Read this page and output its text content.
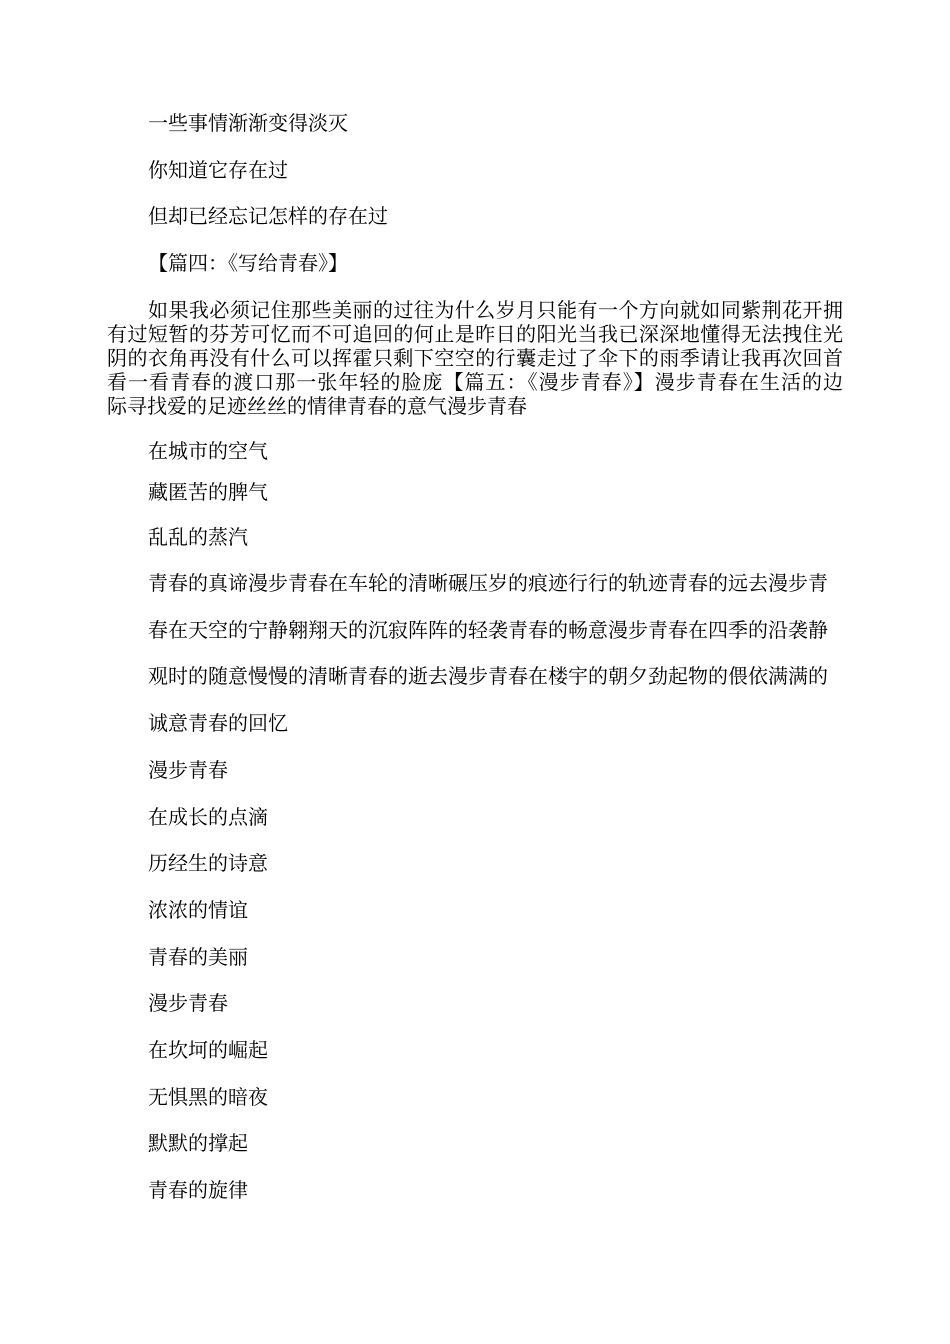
一些事情渐渐变得淡灭

你知道它存在过

但却已经忘记怎样的存在过

【篇四：《写给青春》】

如果我必须记住那些美丽的过往为什么岁月只能有一个方向就如同紫荆花开拥
有过短暂的芬芳可忆而不可追回的何止是昨日的阳光当我已深深地懂得无法拽住光
阴的衣角再没有什么可以挥霍只剩下空空的行囊走过了伞下的雨季请让我再次回首
看一看青春的渡口那一张年轻的脸庞【篇五：《漫步青春》】漫步青春在生活的边
际寻找爱的足迹丝丝的情律青春的意气漫步青春

在城市的空气

藏匿苦的脾气

乱乱的蒸汽

青春的真谛漫步青春在车轮的清晰碾压岁的痕迹行行的轨迹青春的远去漫步青

春在天空的宁静翱翔天的沉寂阵阵的轻袭青春的畅意漫步青春在四季的沿袭静

观时的随意慢慢的清晰青春的逝去漫步青春在楼宇的朝夕劲起物的偎依满满的

诚意青春的回忆

漫步青春

在成长的点滴

历经生的诗意

浓浓的情谊

青春的美丽

漫步青春

在坎坷的崛起

无惧黑的暗夜

默默的撑起

青春的旋律
